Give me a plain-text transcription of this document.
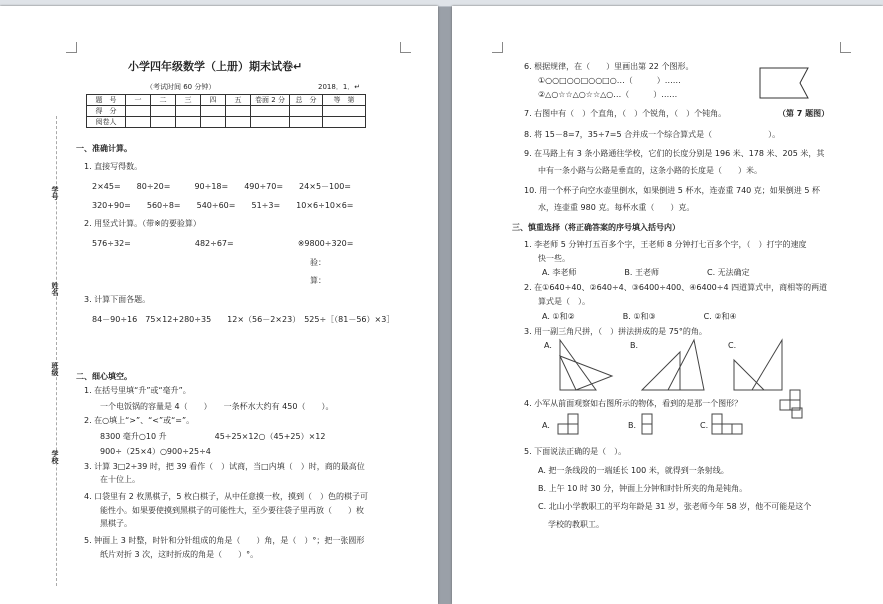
小学四年级数学（上册）期末试卷↵
（考试时间 60 分钟）	2018．1．↵
题　号	一	二	三	四	五	卷面 2 分	总　分	等　第
得　分								
阅卷人								
学号
姓名
班级
学校
一、准确计算。
1. 直接写得数。
2×45=　　80÷20=　　　90÷18=　　490÷70=　　24×5－100=
320+90=　　560÷8=　　540÷60=　　51÷3=　　10×6÷10×6=
2. 用竖式计算。（带※的要验算）
576÷32=　　　　　　　　482÷67=　　　　　　　　※9800÷320=
验：
算：
3. 计算下面各题。
84－90÷16　75×12+280÷35　　12×（56－2×23）　525÷［（81－56）×3］
二、细心填空。
1. 在括号里填“升”或“毫升”。
一个电饭锅的容量是 4（　　）　　一条杯水大约有 450（　　）。
2. 在○填上“>”、“<”或“=”。
8300 毫升○10 升　　　　　　45÷25×12○（45+25）×12
900÷（25×4）○900÷25÷4
3. 计算 3□2÷39 时，把 39 看作（　）试商，当□内填（　）时，商的最高位
在十位上。
4. 口袋里有 2 枚黑棋子，5 枚白棋子，从中任意摸一枚，摸到（　）色的棋子可
能性小。如果要使摸到黑棋子的可能性大，至少要往袋子里再放（　　）枚
黑棋子。
5. 钟面上 3 时整，时针和分针组成的角是（　　）角，是（　）°；把一张圆形
纸片对折 3 次，这时折成的角是（　　）°。
6. 根据规律，在（　　）里画出第 22 个图形。
①○○□○○□○○□○…（　　　）……
②△○☆☆△○☆☆△○…（　　　）……
7. 右图中有（　）个直角，（　）个锐角，（　）个钝角。	（第 7 题图）
8. 将 15－8=7，35÷7=5 合并成一个综合算式是（　　　　　　　）。
9. 在马路上有 3 条小路通往学校，它们的长度分别是 196 米、178 米、205 米，其
中有一条小路与公路是垂直的，这条小路的长度是（　　）米。
10. 用一个杯子向空水壶里倒水，如果倒进 5 杯水，连壶重 740 克；如果倒进 5 杯
水，连壶重 980 克。每杯水重（　　）克。
三、慎重选择（将正确答案的序号填入括号内）
1. 李老师 5 分钟打五百多个字，王老师 8 分钟打七百多个字，（　）打字的速度
快一些。
A. 李老师　　　　　　B. 王老师　　　　　　C. 无法确定
2. 在①640÷40、②640÷4、③6400÷400、④6400÷4 四道算式中，商相等的两道
算式是（　）。
A. ①和②　　　　　　B. ①和③　　　　　　C. ②和④
3. 用一副三角尺拼，（　）拼法拼成的是 75°的角。
A.	B.	C.
4. 小军从前面观察如右图所示的物体，看到的是那一个图形？
A.	B.	C.
5. 下面说法正确的是（　）。
A. 把一条线段的一端延长 100 米，就得到一条射线。
B. 上午 10 时 30 分，钟面上分钟和时针所夹的角是钝角。
C. 北山小学教职工的平均年龄是 31 岁，张老师今年 58 岁，他不可能是这个
学校的教职工。
